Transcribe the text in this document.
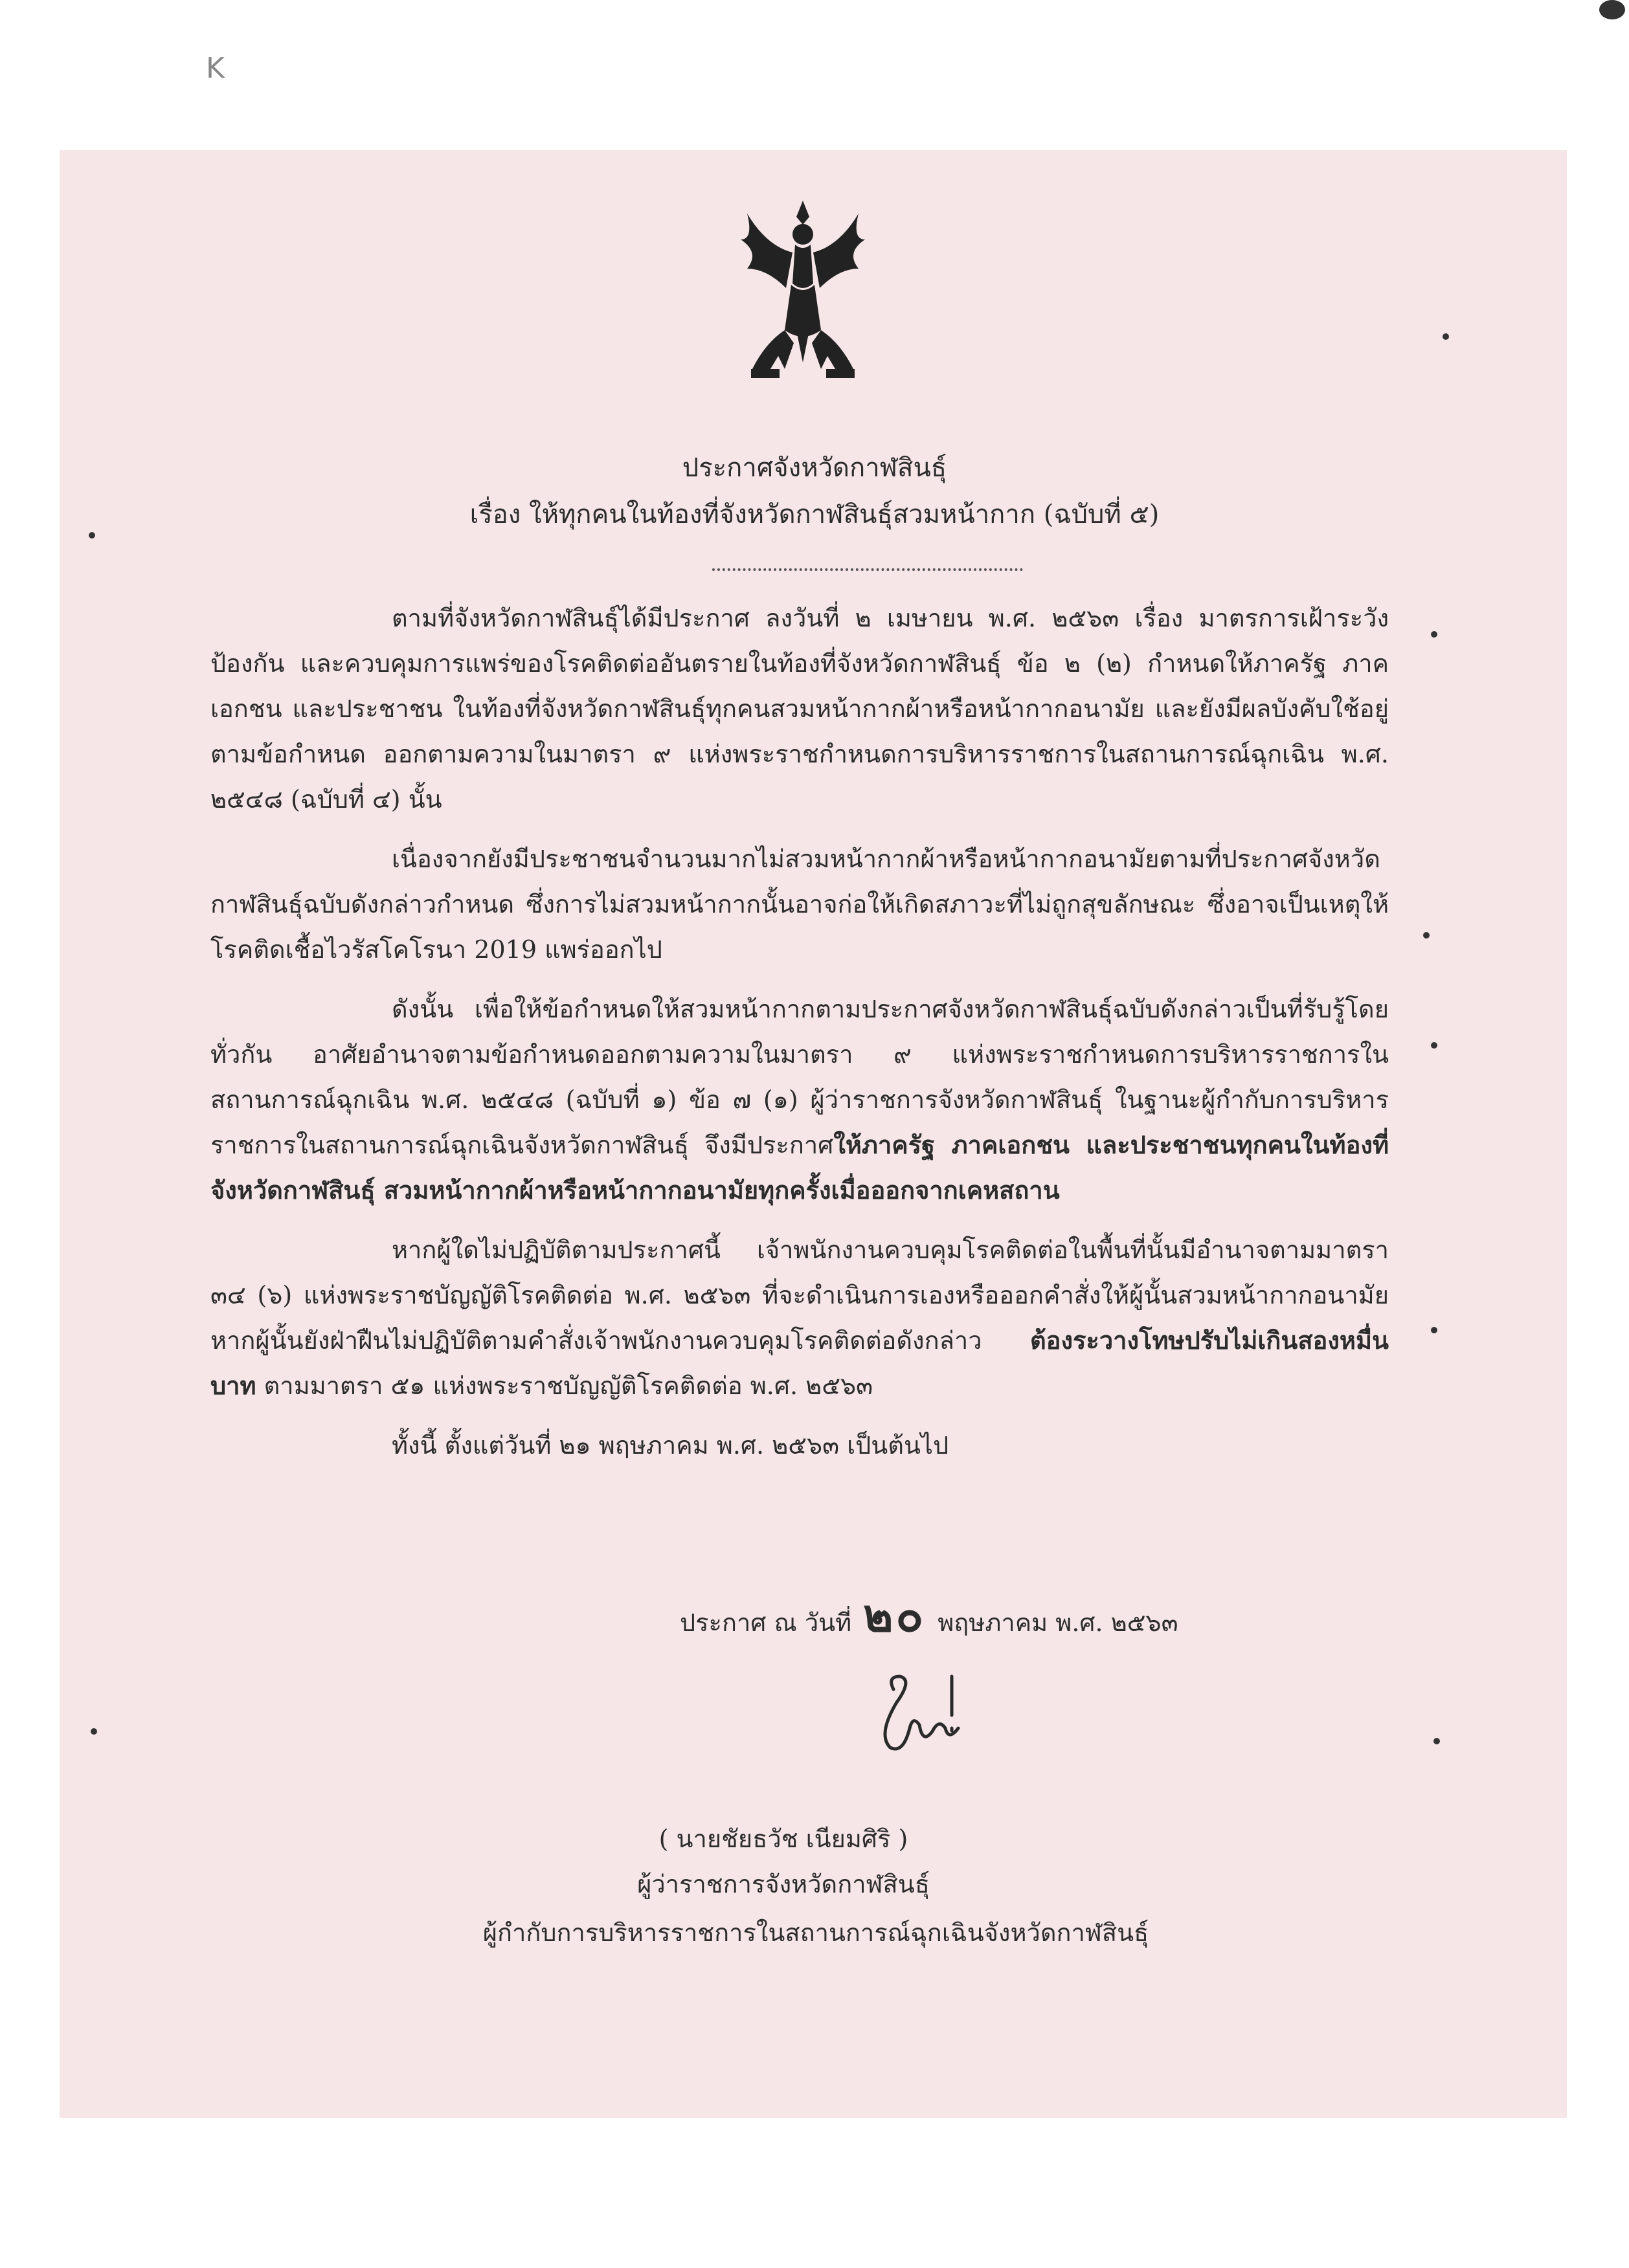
K
ประกาศจังหวัดกาฬสินธุ์
เรื่อง ให้ทุกคนในท้องที่จังหวัดกาฬสินธุ์สวมหน้ากาก (ฉบับที่ ๕)

ตามที่จังหวัดกาฬสินธุ์ได้มีประกาศ ลงวันที่ ๒ เมษายน พ.ศ. ๒๕๖๓ เรื่อง มาตรการเฝ้าระวัง ป้องกัน และควบคุมการแพร่ของโรคติดต่ออันตรายในท้องที่จังหวัดกาฬสินธุ์ ข้อ ๒ (๒) กำหนดให้ภาครัฐ ภาคเอกชน และประชาชน ในท้องที่จังหวัดกาฬสินธุ์ทุกคนสวมหน้ากากผ้าหรือหน้ากากอนามัย และยังมีผลบังคับใช้อยู่ตามข้อกำหนด ออกตามความในมาตรา ๙ แห่งพระราชกำหนดการบริหารราชการในสถานการณ์ฉุกเฉิน พ.ศ. ๒๕๔๘ (ฉบับที่ ๔) นั้น

เนื่องจากยังมีประชาชนจำนวนมากไม่สวมหน้ากากผ้าหรือหน้ากากอนามัยตามที่ประกาศจังหวัดกาฬสินธุ์ฉบับดังกล่าวกำหนด ซึ่งการไม่สวมหน้ากากนั้นอาจก่อให้เกิดสภาวะที่ไม่ถูกสุขลักษณะ ซึ่งอาจเป็นเหตุให้โรคติดเชื้อไวรัสโคโรนา 2019 แพร่ออกไป

ดังนั้น เพื่อให้ข้อกำหนดให้สวมหน้ากากตามประกาศจังหวัดกาฬสินธุ์ฉบับดังกล่าวเป็นที่รับรู้โดยทั่วกัน อาศัยอำนาจตามข้อกำหนดออกตามความในมาตรา ๙ แห่งพระราชกำหนดการบริหารราชการในสถานการณ์ฉุกเฉิน พ.ศ. ๒๕๔๘ (ฉบับที่ ๑) ข้อ ๗ (๑) ผู้ว่าราชการจังหวัดกาฬสินธุ์ ในฐานะผู้กำกับการบริหารราชการในสถานการณ์ฉุกเฉินจังหวัดกาฬสินธุ์ จึงมีประกาศให้ภาครัฐ ภาคเอกชน และประชาชนทุกคนในท้องที่จังหวัดกาฬสินธุ์ สวมหน้ากากผ้าหรือหน้ากากอนามัยทุกครั้งเมื่อออกจากเคหสถาน

หากผู้ใดไม่ปฏิบัติตามประกาศนี้ เจ้าพนักงานควบคุมโรคติดต่อในพื้นที่นั้นมีอำนาจตามมาตรา ๓๔ (๖) แห่งพระราชบัญญัติโรคติดต่อ พ.ศ. ๒๕๖๓ ที่จะดำเนินการเองหรือออกคำสั่งให้ผู้นั้นสวมหน้ากากอนามัย หากผู้นั้นยังฝ่าฝืนไม่ปฏิบัติตามคำสั่งเจ้าพนักงานควบคุมโรคติดต่อดังกล่าว ต้องระวางโทษปรับไม่เกินสองหมื่นบาท ตามมาตรา ๕๑ แห่งพระราชบัญญัติโรคติดต่อ พ.ศ. ๒๕๖๓

ทั้งนี้ ตั้งแต่วันที่ ๒๑ พฤษภาคม พ.ศ. ๒๕๖๓ เป็นต้นไป

ประกาศ ณ วันที่ ๒๐ พฤษภาคม พ.ศ. ๒๕๖๓
( นายชัยธวัช เนียมศิริ )
ผู้ว่าราชการจังหวัดกาฬสินธุ์
ผู้กำกับการบริหารราชการในสถานการณ์ฉุกเฉินจังหวัดกาฬสินธุ์
